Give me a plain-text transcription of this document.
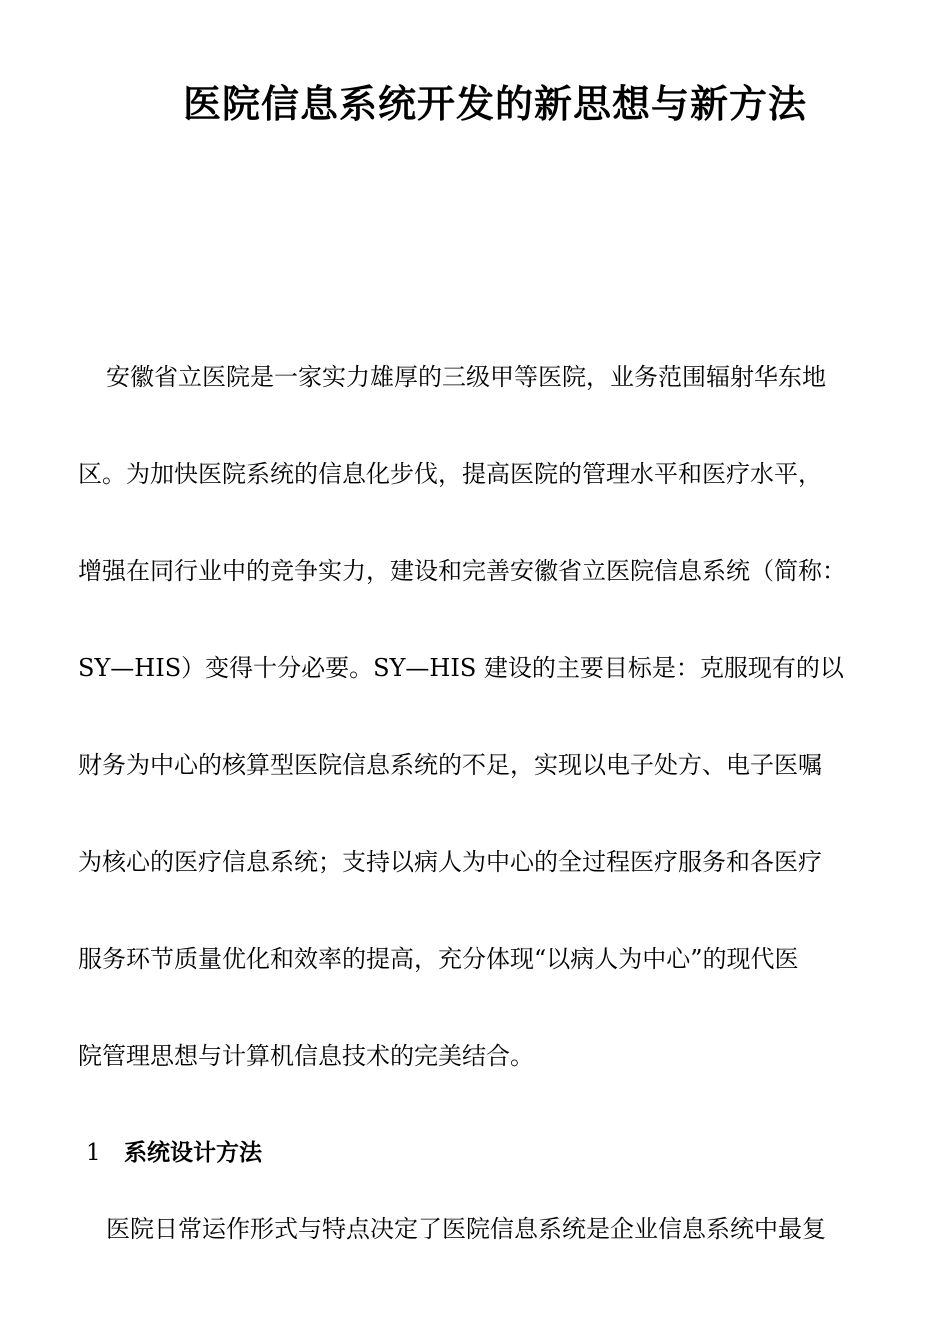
医院信息系统开发的新思想与新方法
安徽省立医院是一家实力雄厚的三级甲等医院，业务范围辐射华东地
区。为加快医院系统的信息化步伐，提高医院的管理水平和医疗水平，
增强在同行业中的竞争实力，建设和完善安徽省立医院信息系统（简称：
SY—HIS）变得十分必要。SY—HIS 建设的主要目标是：克服现有的以
财务为中心的核算型医院信息系统的不足，实现以电子处方、电子医嘱
为核心的医疗信息系统；支持以病人为中心的全过程医疗服务和各医疗
服务环节质量优化和效率的提高，充分体现“以病人为中心”的现代医
院管理思想与计算机信息技术的完美结合。
1 系统设计方法
医院日常运作形式与特点决定了医院信息系统是企业信息系统中最复
